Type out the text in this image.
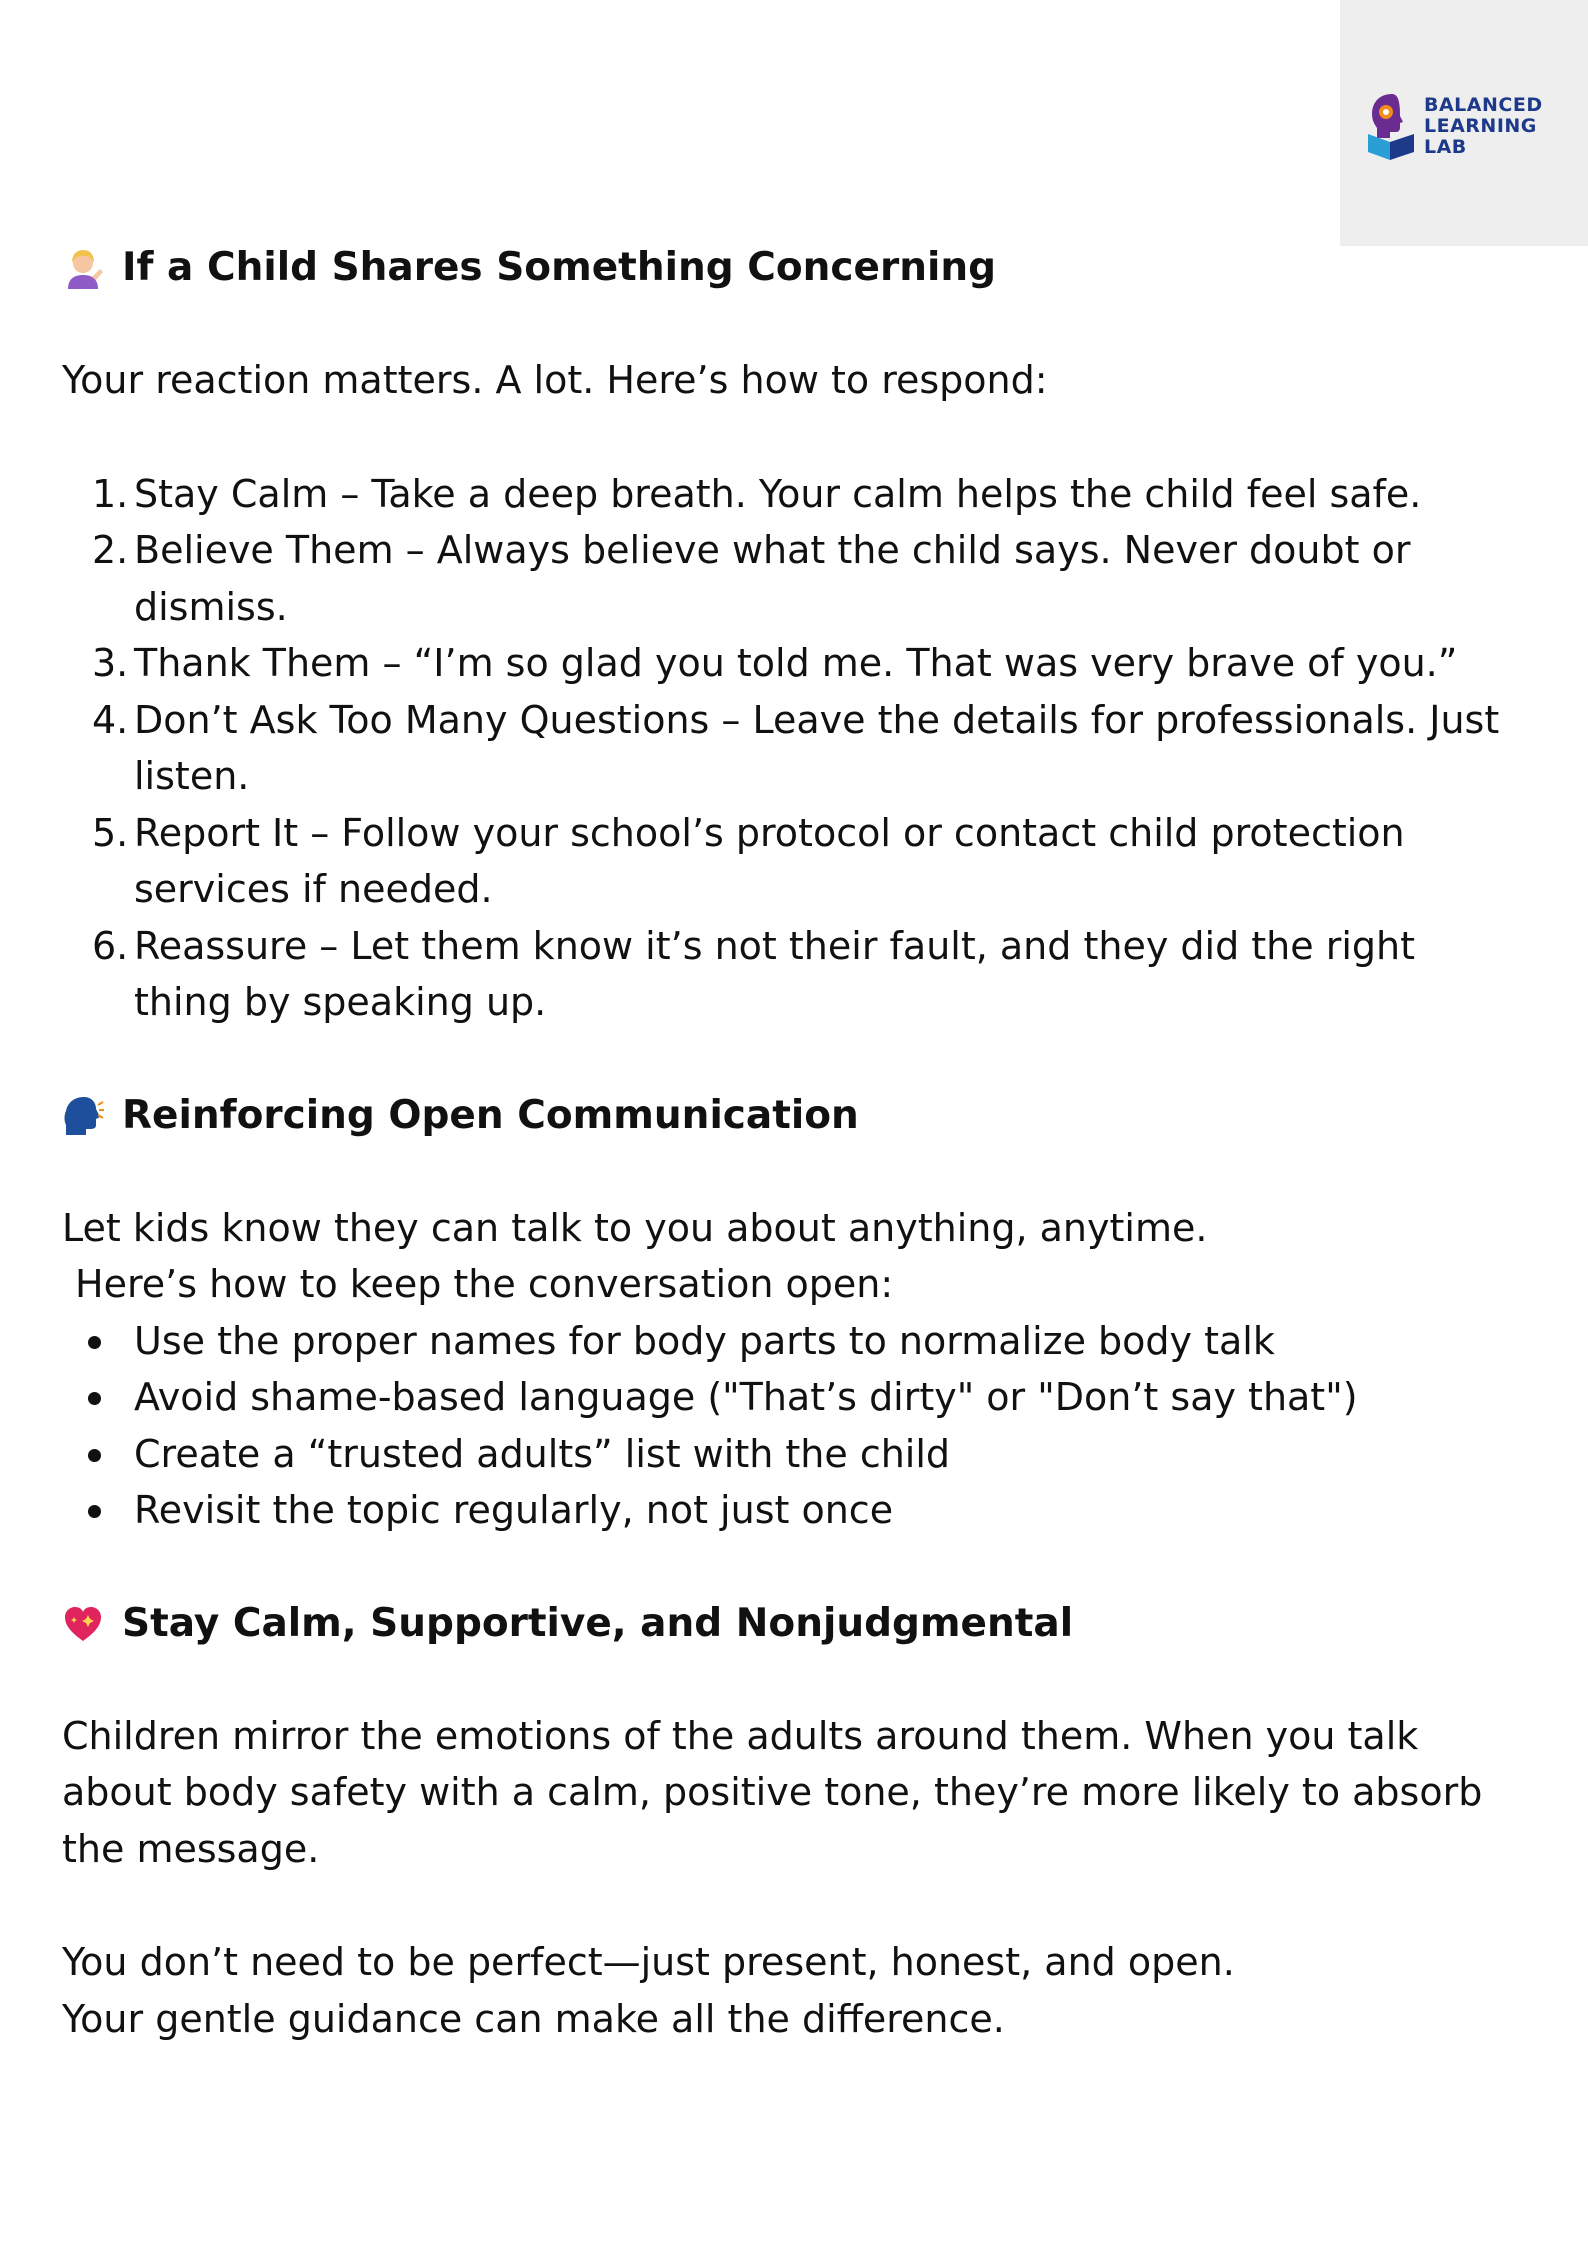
BALANCED
LEARNING
LAB
If a Child Shares Something Concerning

Your reaction matters. A lot. Here’s how to respond:

1. Stay Calm – Take a deep breath. Your calm helps the child feel safe.
2. Believe Them – Always believe what the child says. Never doubt or dismiss.
3. Thank Them – “I’m so glad you told me. That was very brave of you.”
4. Don’t Ask Too Many Questions – Leave the details for professionals. Just listen.
5. Report It – Follow your school’s protocol or contact child protection services if needed.
6. Reassure – Let them know it’s not their fault, and they did the right thing by speaking up.
Reinforcing Open Communication

Let kids know they can talk to you about anything, anytime.

Here’s how to keep the conversation open:

Use the proper names for body parts to normalize body talk
Avoid shame-based language ("That’s dirty" or "Don’t say that")
Create a “trusted adults” list with the child
Revisit the topic regularly, not just once
Stay Calm, Supportive, and Nonjudgmental

Children mirror the emotions of the adults around them. When you talk about body safety with a calm, positive tone, they’re more likely to absorb the message.

You don’t need to be perfect—just present, honest, and open.

Your gentle guidance can make all the difference.
